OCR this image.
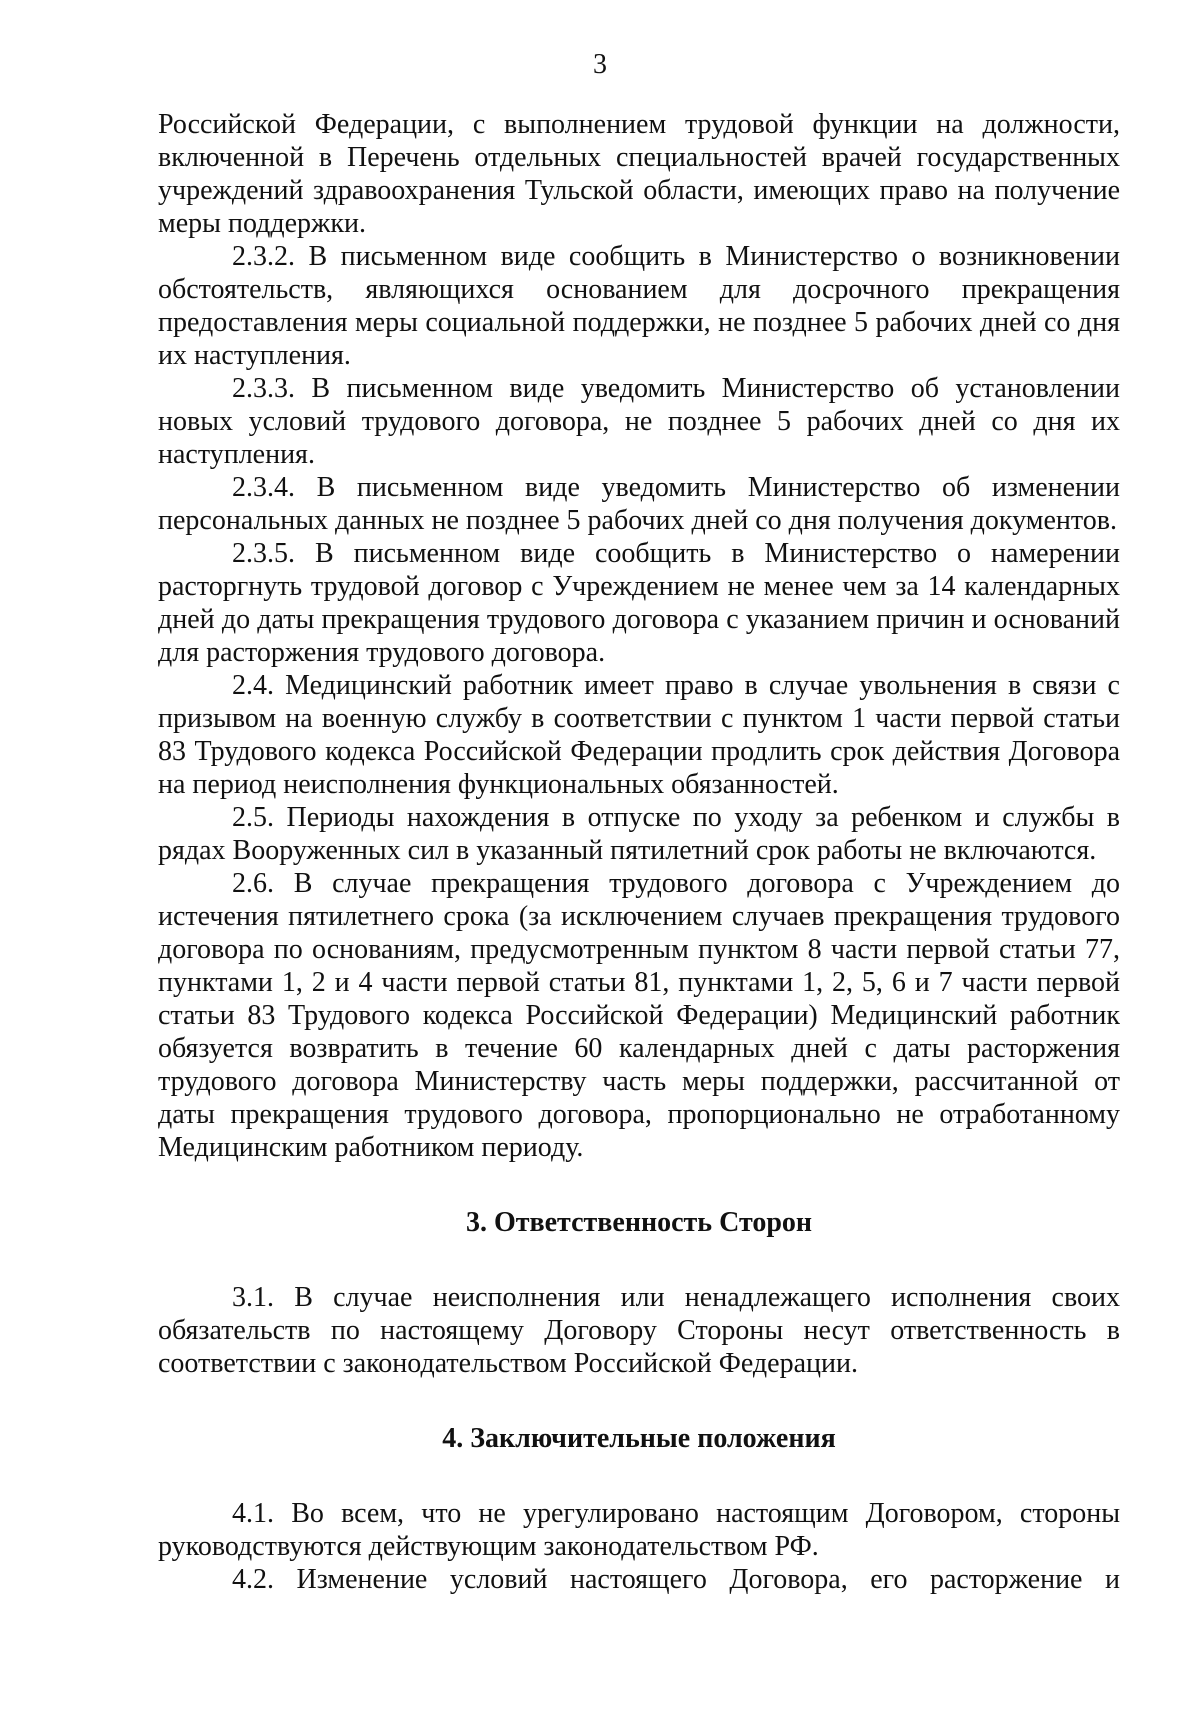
3

Российской Федерации, с выполнением трудовой функции на должности, включенной в Перечень отдельных специальностей врачей государственных учреждений здравоохранения Тульской области, имеющих право на получение меры поддержки.

2.3.2. В письменном виде сообщить в Министерство о возникновении обстоятельств, являющихся основанием для досрочного прекращения предоставления меры социальной поддержки, не позднее 5 рабочих дней со дня их наступления.

2.3.3. В письменном виде уведомить Министерство об установлении новых условий трудового договора, не позднее 5 рабочих дней со дня их наступления.

2.3.4. В письменном виде уведомить Министерство об изменении персональных данных не позднее 5 рабочих дней со дня получения документов.

2.3.5. В письменном виде сообщить в Министерство о намерении расторгнуть трудовой договор с Учреждением не менее чем за 14 календарных дней до даты прекращения трудового договора с указанием причин и оснований для расторжения трудового договора.

2.4. Медицинский работник имеет право в случае увольнения в связи с призывом на военную службу в соответствии с пунктом 1 части первой статьи 83 Трудового кодекса Российской Федерации продлить срок действия Договора на период неисполнения функциональных обязанностей.

2.5. Периоды нахождения в отпуске по уходу за ребенком и службы в рядах Вооруженных сил в указанный пятилетний срок работы не включаются.

2.6. В случае прекращения трудового договора с Учреждением до истечения пятилетнего срока (за исключением случаев прекращения трудового договора по основаниям, предусмотренным пунктом 8 части первой статьи 77, пунктами 1, 2 и 4 части первой статьи 81, пунктами 1, 2, 5, 6 и 7 части первой статьи 83 Трудового кодекса Российской Федерации) Медицинский работник обязуется возвратить в течение 60 календарных дней с даты расторжения трудового договора Министерству часть меры поддержки, рассчитанной от даты прекращения трудового договора, пропорционально не отработанному Медицинским работником периоду.

3. Ответственность Сторон

3.1. В случае неисполнения или ненадлежащего исполнения своих обязательств по настоящему Договору Стороны несут ответственность в соответствии с законодательством Российской Федерации.

4. Заключительные положения

4.1. Во всем, что не урегулировано настоящим Договором, стороны руководствуются действующим законодательством РФ.

4.2. Изменение условий настоящего Договора, его расторжение и
